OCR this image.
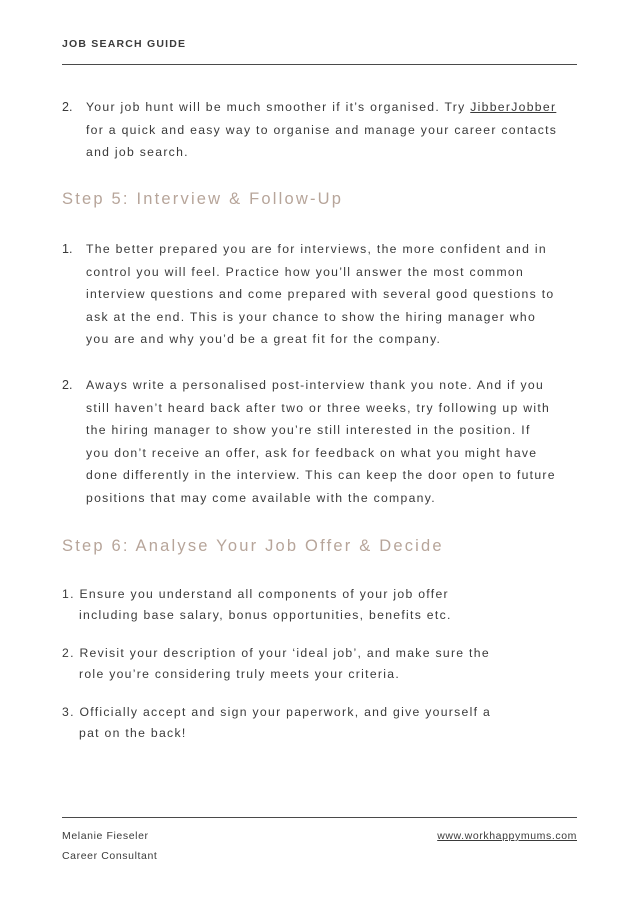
JOB SEARCH GUIDE
2. Your job hunt will be much smoother if it’s organised. Try JibberJobber
for a quick and easy way to organise and manage your career contacts
and job search.
Step 5: Interview & Follow-Up
1. The better prepared you are for interviews, the more confident and in
control you will feel. Practice how you’ll answer the most common
interview questions and come prepared with several good questions to
ask at the end. This is your chance to show the hiring manager who
you are and why you’d be a great fit for the company.
2. Aways write a personalised post-interview thank you note. And if you
still haven’t heard back after two or three weeks, try following up with
the hiring manager to show you’re still interested in the position. If
you don’t receive an offer, ask for feedback on what you might have
done differently in the interview. This can keep the door open to future
positions that may come available with the company.
Step 6: Analyse Your Job Offer & Decide
1. Ensure you understand all components of your job offer
including base salary, bonus opportunities, benefits etc.
2. Revisit your description of your ‘ideal job’, and make sure the
role you’re considering truly meets your criteria.
3. Officially accept and sign your paperwork, and give yourself a
pat on the back!
Melanie Fieseler
Career Consultant
www.workhappymums.com
